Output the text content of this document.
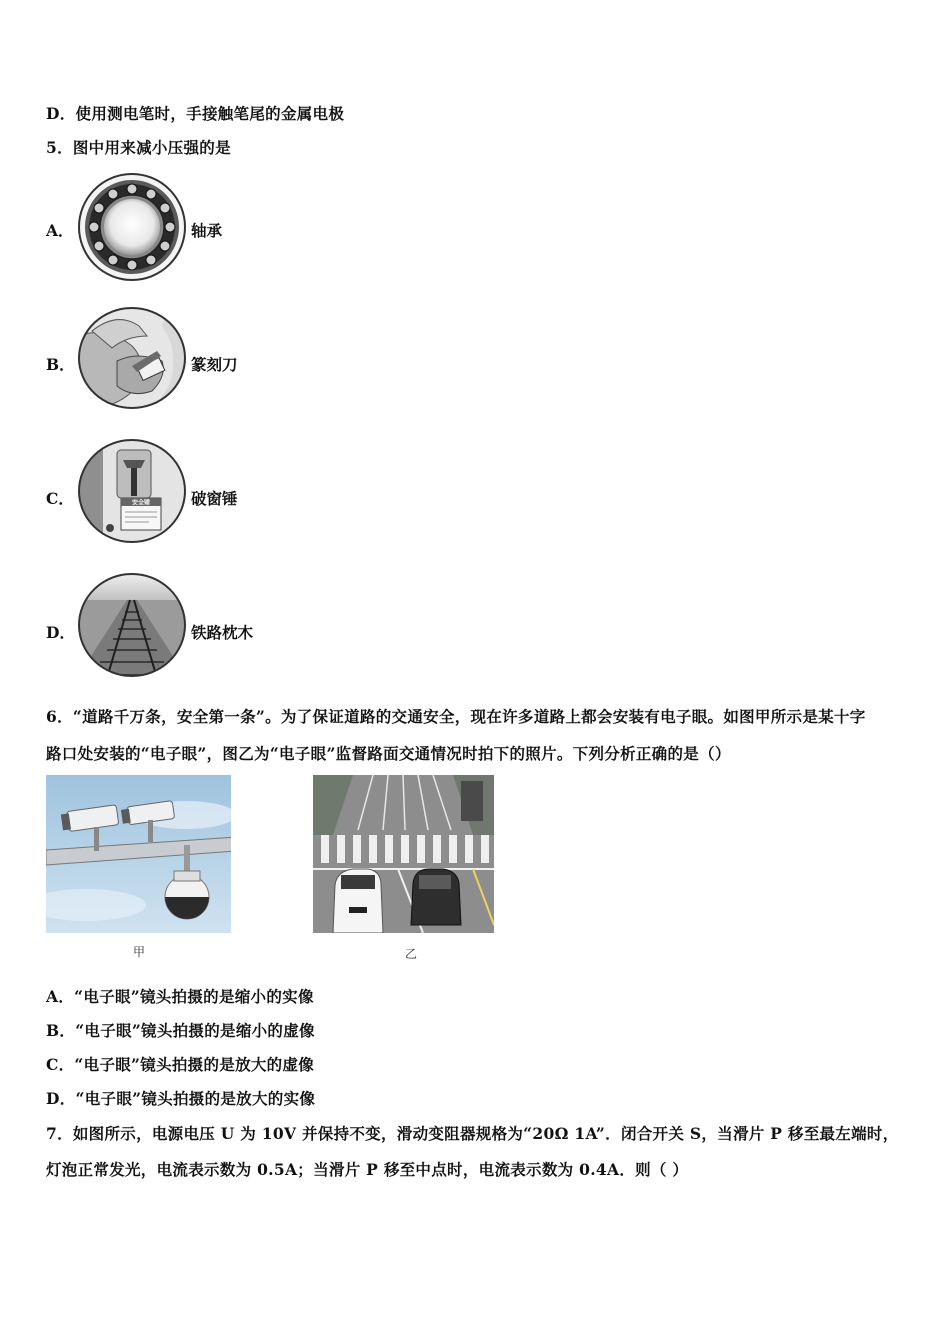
D．使用测电笔时，手接触笔尾的金属电极
5．图中用来减小压强的是
A．	轴承
B．	篆刻刀
C．	安全锤	破窗锤
D．	铁路枕木
6．“道路千万条，安全第一条”。为了保证道路的交通安全，现在许多道路上都会安装有电子眼。如图甲所示是某十字
路口处安装的“电子眼”，图乙为“电子眼”监督路面交通情况时拍下的照片。下列分析正确的是（）
甲	乙
A．“电子眼”镜头拍摄的是缩小的实像
B．“电子眼”镜头拍摄的是缩小的虚像
C．“电子眼”镜头拍摄的是放大的虚像
D．“电子眼”镜头拍摄的是放大的实像
7．如图所示，电源电压 U 为 10V 并保持不变，滑动变阻器规格为“20Ω 1A”．闭合开关 S，当滑片 P 移至最左端时，
灯泡正常发光，电流表示数为 0.5A；当滑片 P 移至中点时，电流表示数为 0.4A．则（ ）
